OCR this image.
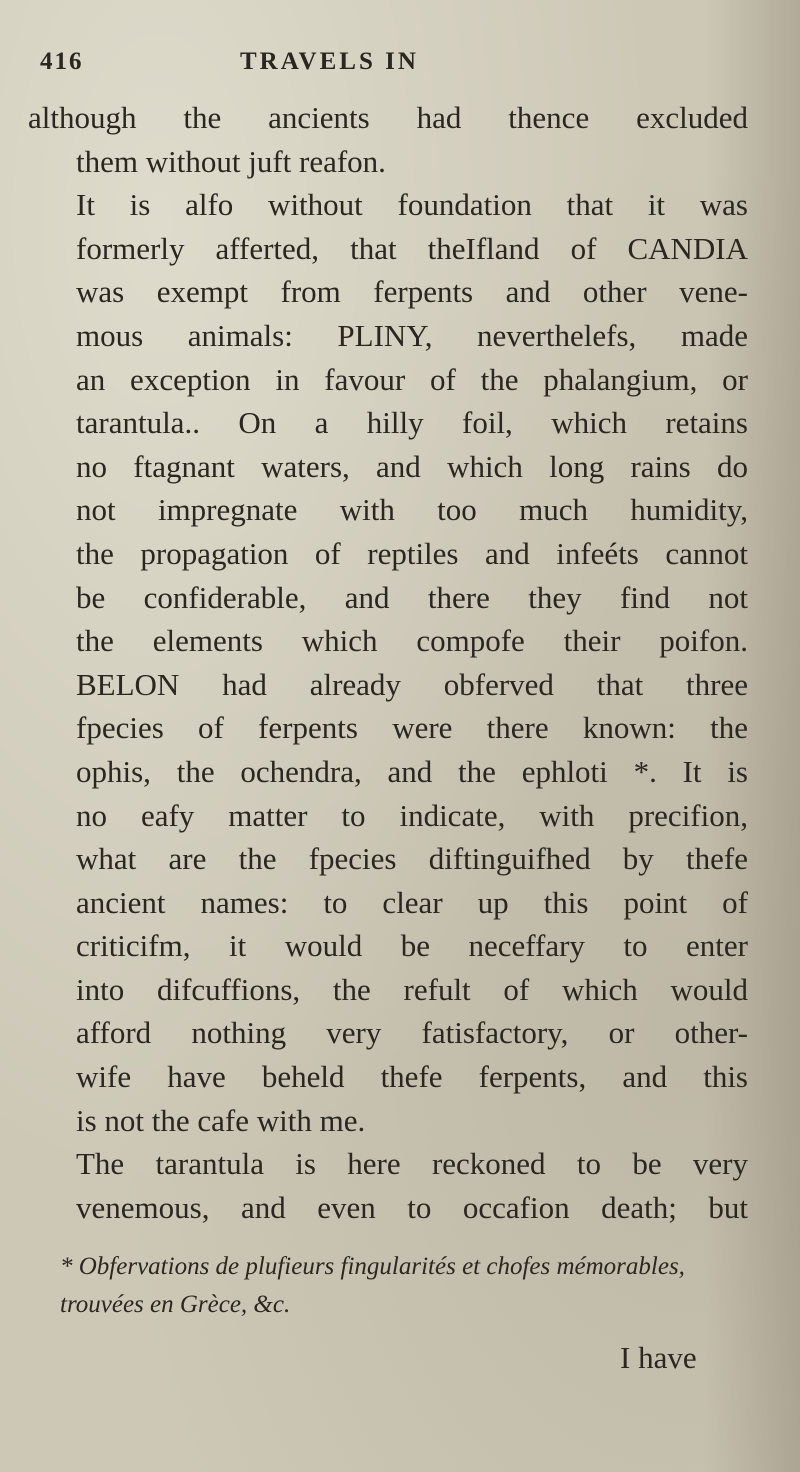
416	TRAVELS IN
although the ancients had thence excluded
them without juft reafon.
It is alfo without foundation that it was
formerly afferted, that theIfland of CANDIA
was exempt from ferpents and other vene-
mous animals: PLINY, neverthelefs, made
an exception in favour of the phalangium, or
tarantula.. On a hilly foil, which retains
no ftagnant waters, and which long rains do
not impregnate with too much humidity,
the propagation of reptiles and infeéts cannot
be confiderable, and there they find not
the elements which compofe their poifon.
BELON had already obferved that three
fpecies of ferpents were there known: the
ophis, the ochendra, and the ephloti *. It is
no eafy matter to indicate, with precifion,
what are the fpecies diftinguifhed by thefe
ancient names: to clear up this point of
criticifm, it would be neceffary to enter
into difcuffions, the refult of which would
afford nothing very fatisfactory, or other-
wife have beheld thefe ferpents, and this
is not the cafe with me.
The tarantula is here reckoned to be very
venemous, and even to occafion death; but
* Obfervations de plufieurs fingularités et chofes mémorables,
trouvées en Grèce, &c.
I have
